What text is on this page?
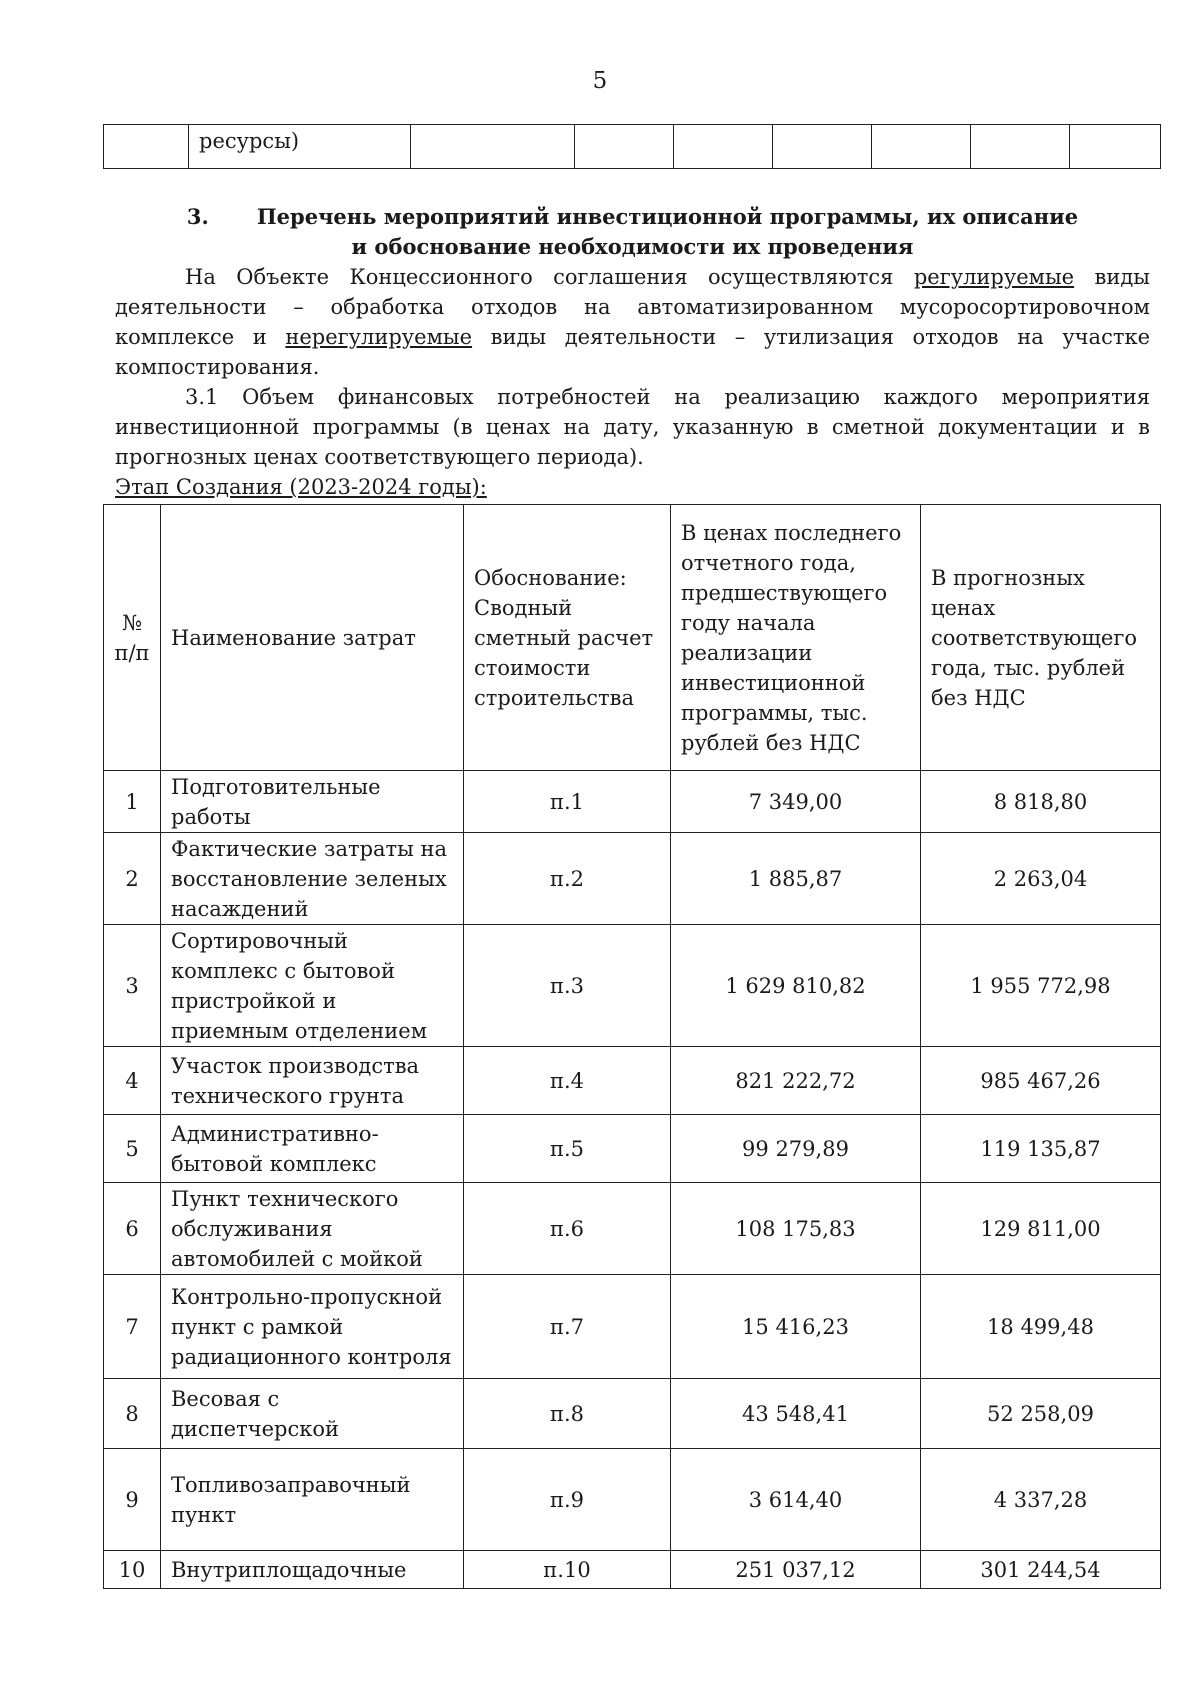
5
	ресурсы)							

3. Перечень мероприятий инвестиционной программы, их описание
и обоснование необходимости их проведения

На Объекте Концессионного соглашения осуществляются регулируемые виды деятельности – обработка отходов на автоматизированном мусоросортировочном комплексе и нерегулируемые виды деятельности – утилизация отходов на участке компостирования.

3.1 Объем финансовых потребностей на реализацию каждого мероприятия инвестиционной программы (в ценах на дату, указанную в сметной документации и в прогнозных ценах соответствующего периода).

Этап Создания (2023-2024 годы):

№ п/п	Наименование затрат	Обоснование: Сводный сметный расчет стоимости строительства	В ценах последнего отчетного года, предшествующего году начала реализации инвестиционной программы, тыс. рублей без НДС	В прогнозных ценах соответствующего года, тыс. рублей без НДС
1	Подготовительные работы	п.1	7 349,00	8 818,80
2	Фактические затраты на восстановление зеленых насаждений	п.2	1 885,87	2 263,04
3	Сортировочный комплекс с бытовой пристройкой и приемным отделением	п.3	1 629 810,82	1 955 772,98
4	Участок производства технического грунта	п.4	821 222,72	985 467,26
5	Административно-бытовой комплекс	п.5	99 279,89	119 135,87
6	Пункт технического обслуживания автомобилей с мойкой	п.6	108 175,83	129 811,00
7	Контрольно-пропускной пункт с рамкой радиационного контроля	п.7	15 416,23	18 499,48
8	Весовая с диспетчерской	п.8	43 548,41	52 258,09
9	Топливозаправочный пункт	п.9	3 614,40	4 337,28
10	Внутриплощадочные	п.10	251 037,12	301 244,54
